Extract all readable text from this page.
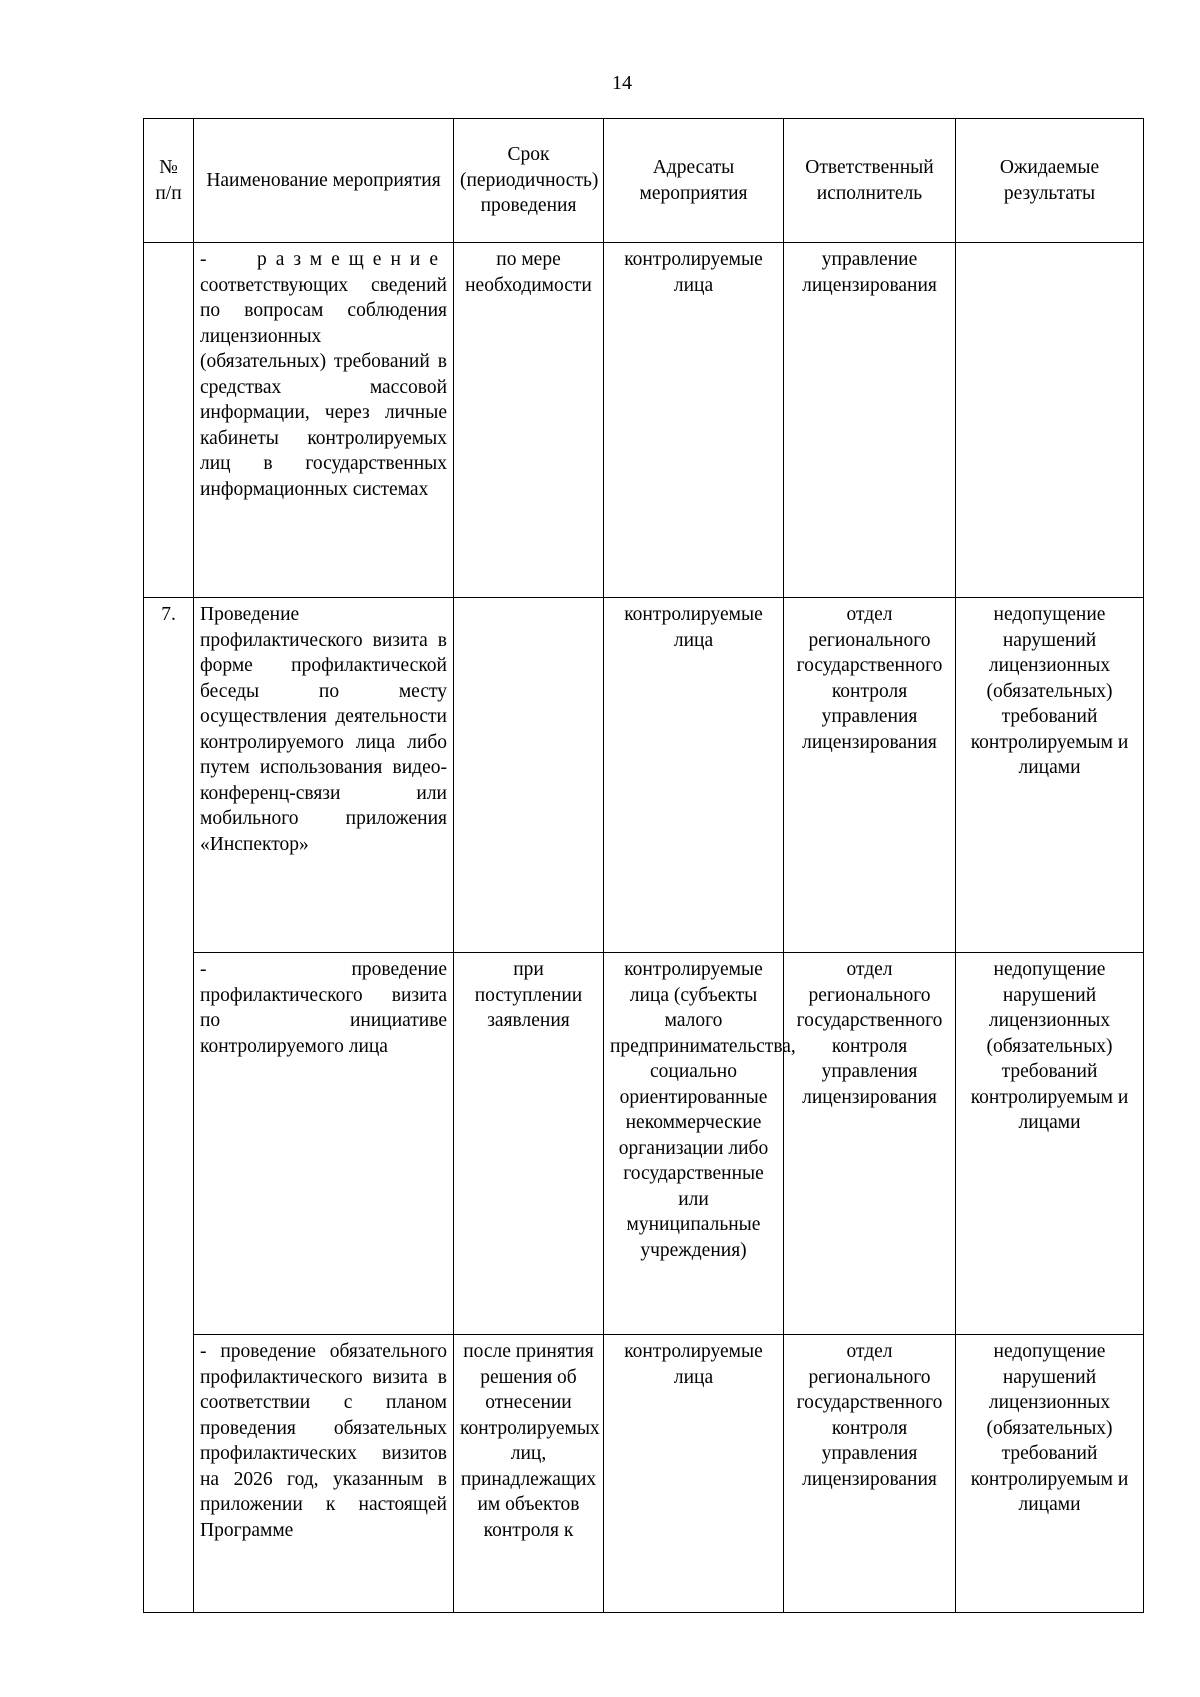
14
№ п/п	Наименование мероприятия	Срок (периодичность) проведения	Адресаты мероприятия	Ответственный исполнитель	Ожидаемые результаты
	- размещение соответствующих сведений по вопросам соблюдения лицензионных (обязательных) требований в средствах массовой информации, через личные кабинеты контролируемых лиц в государственных информационных системах	по мере необходимости	контролируемые лица	управление лицензирования	
7.	Проведение профилактического визита в форме профилактической беседы по месту осуществления деятельности контролируемого лица либо путем использования видео-конференц-связи или мобильного приложения «Инспектор»		контролируемые лица	отдел регионального государственного контроля управления лицензирования	недопущение нарушений лицензионных (обязательных) требований контролируемым и лицами
	- проведение профилактического визита по инициативе контролируемого лица	при поступлении заявления	контролируемые лица (субъекты малого предпринимательства, социально ориентированные некоммерческие организации либо государственные или муниципальные учреждения)	отдел регионального государственного контроля управления лицензирования	недопущение нарушений лицензионных (обязательных) требований контролируемым и лицами
	- проведение обязательного профилактического визита в соответствии с планом проведения обязательных профилактических визитов на 2026 год, указанным в приложении к настоящей Программе	после принятия решения об отнесении контролируемых лиц, принадлежащих им объектов контроля к	контролируемые лица	отдел регионального государственного контроля управления лицензирования	недопущение нарушений лицензионных (обязательных) требований контролируемым и лицами
